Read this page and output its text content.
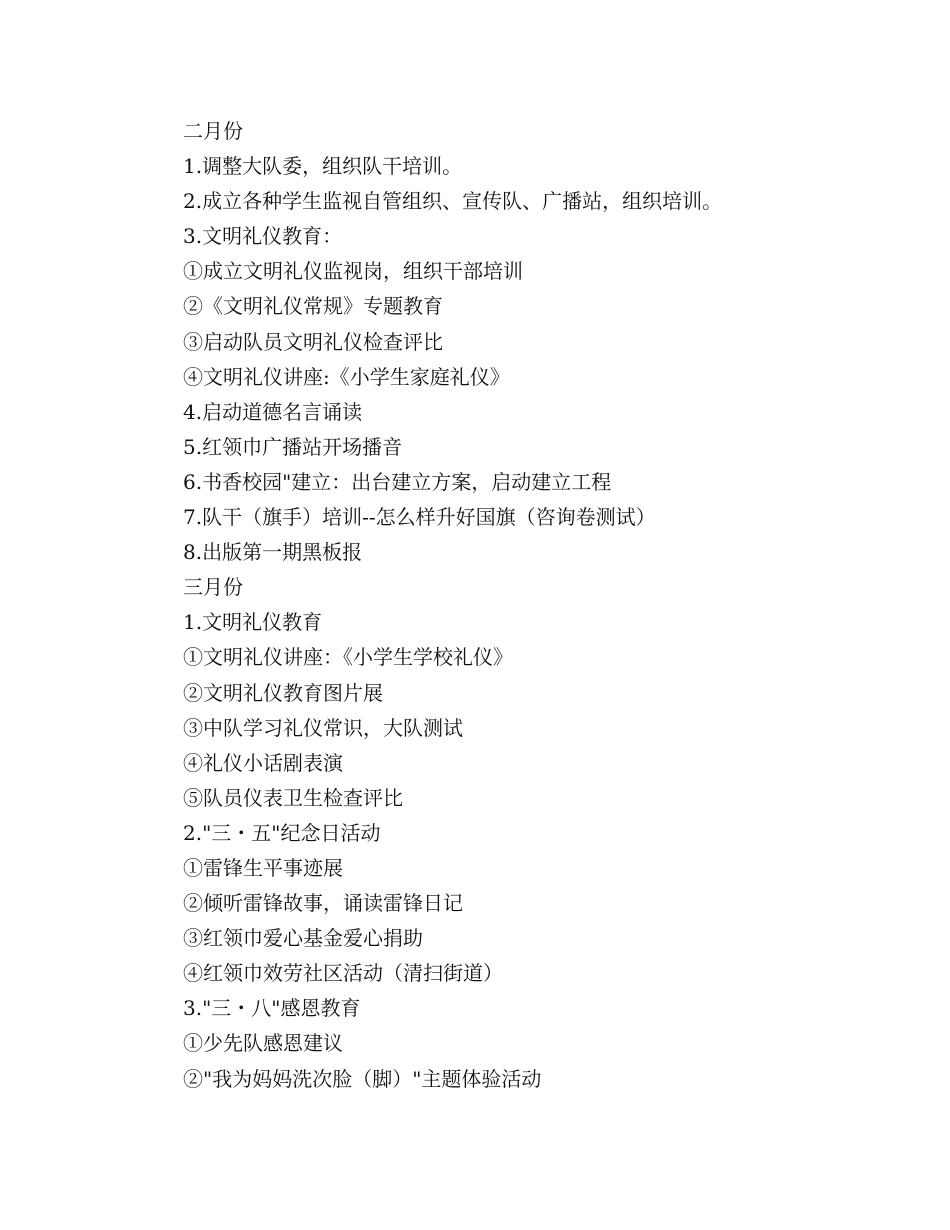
二月份
1.调整大队委，组织队干培训。
2.成立各种学生监视自管组织、宣传队、广播站，组织培训。
3.文明礼仪教育：
①成立文明礼仪监视岗，组织干部培训
②《文明礼仪常规》专题教育
③启动队员文明礼仪检查评比
④文明礼仪讲座:《小学生家庭礼仪》
4.启动道德名言诵读
5.红领巾广播站开场播音
6.书香校园"建立：出台建立方案，启动建立工程
7.队干（旗手）培训--怎么样升好国旗（咨询卷测试）
8.出版第一期黑板报
三月份
1.文明礼仪教育
①文明礼仪讲座：《小学生学校礼仪》
②文明礼仪教育图片展
③中队学习礼仪常识，大队测试
④礼仪小话剧表演
⑤队员仪表卫生检查评比
2."三・五"纪念日活动
①雷锋生平事迹展
②倾听雷锋故事，诵读雷锋日记
③红领巾爱心基金爱心捐助
④红领巾效劳社区活动（清扫街道）
3."三・八"感恩教育
①少先队感恩建议
②"我为妈妈洗次脸（脚）"主题体验活动
